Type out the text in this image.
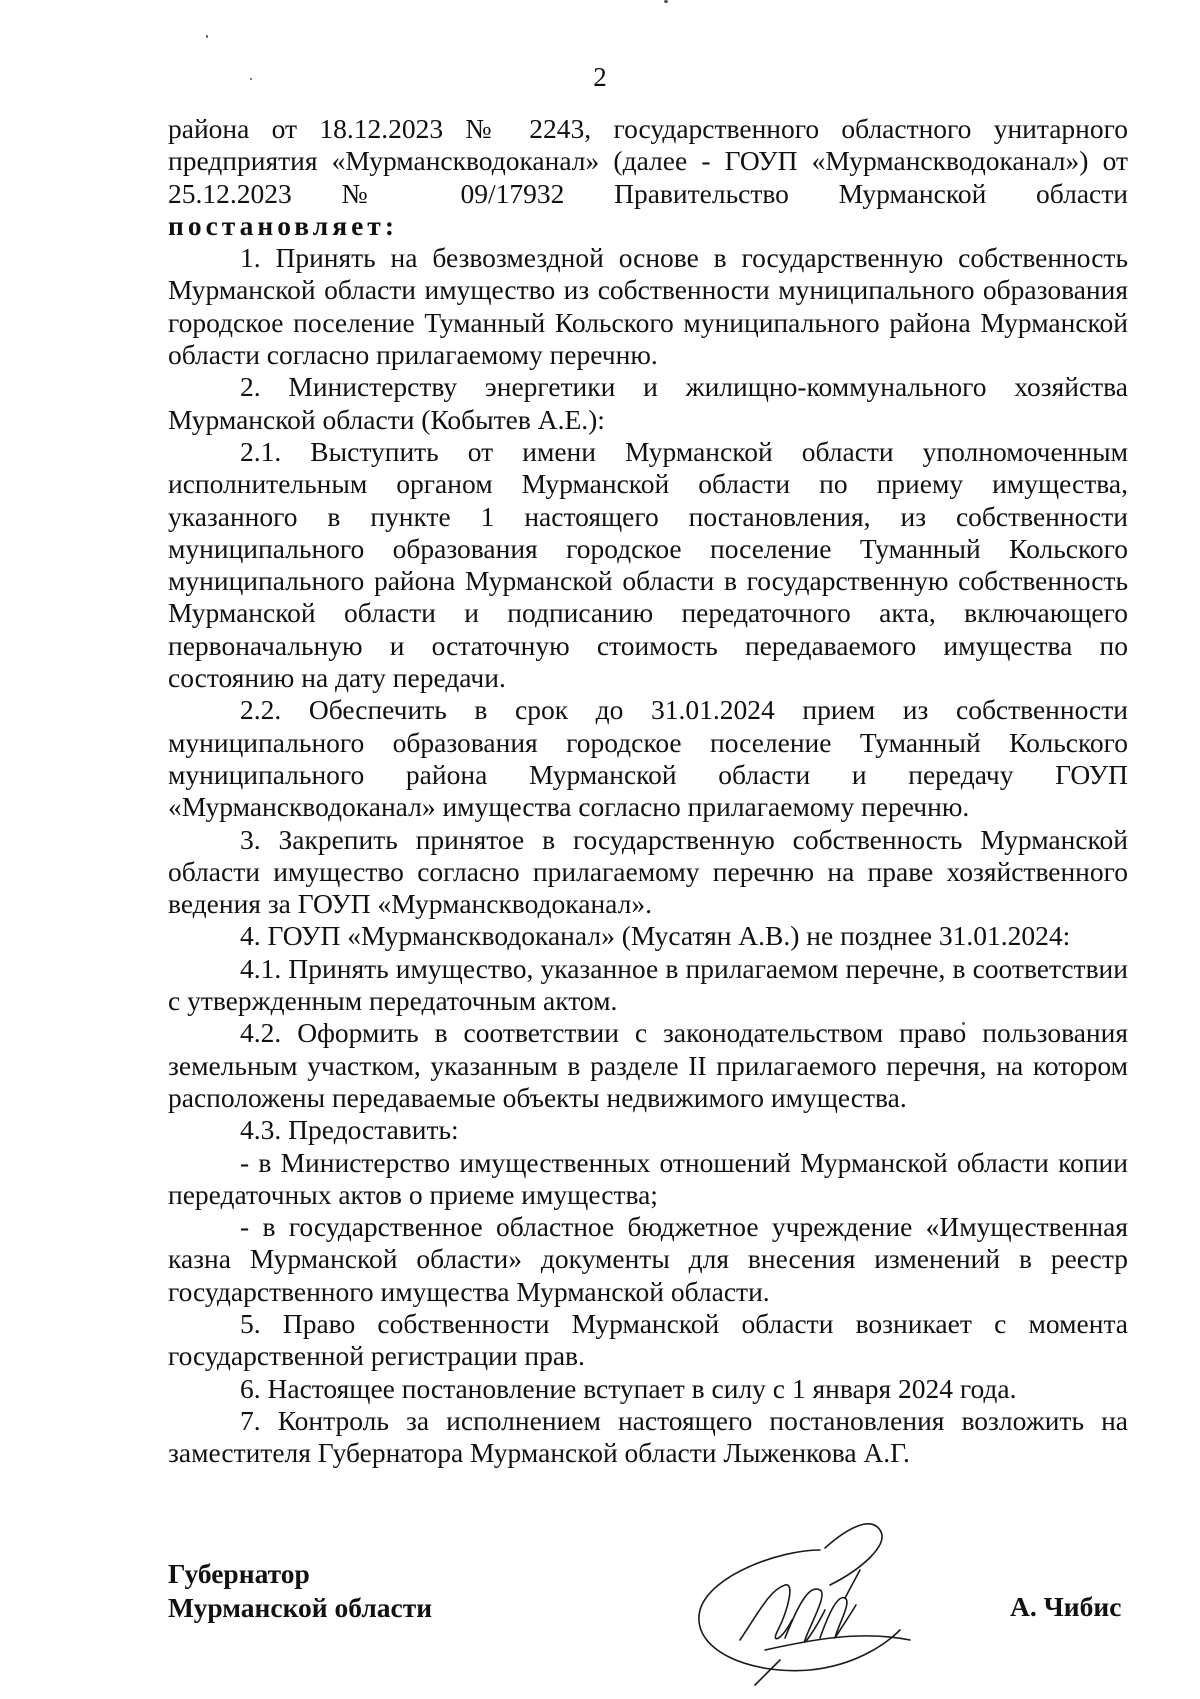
2

района от 18.12.2023 № 2243, государственного областного унитарного предприятия «Мурманскводоканал» (далее - ГОУП «Мурманскводоканал») от 25.12.2023 № 09/17932 Правительство Мурманской области

постановляет:

1. Принять на безвозмездной основе в государственную собственность Мурманской области имущество из собственности муниципального образования городское поселение Туманный Кольского муниципального района Мурманской области согласно прилагаемому перечню.

2. Министерству энергетики и жилищно-коммунального хозяйства Мурманской области (Кобытев А.Е.):

2.1. Выступить от имени Мурманской области уполномоченным исполнительным органом Мурманской области по приему имущества, указанного в пункте 1 настоящего постановления, из собственности муниципального образования городское поселение Туманный Кольского муниципального района Мурманской области в государственную собственность Мурманской области и подписанию передаточного акта, включающего первоначальную и остаточную стоимость передаваемого имущества по состоянию на дату передачи.

2.2. Обеспечить в срок до 31.01.2024 прием из собственности муниципального образования городское поселение Туманный Кольского муниципального района Мурманской области и передачу ГОУП «Мурманскводоканал» имущества согласно прилагаемому перечню.

3. Закрепить принятое в государственную собственность Мурманской области имущество согласно прилагаемому перечню на праве хозяйственного ведения за ГОУП «Мурманскводоканал».

4. ГОУП «Мурманскводоканал» (Мусатян А.В.) не позднее 31.01.2024:

4.1. Принять имущество, указанное в прилагаемом перечне, в соответствии с утвержденным передаточным актом.

4.2. Оформить в соответствии с законодательством право пользования земельным участком, указанным в разделе II прилагаемого перечня, на котором расположены передаваемые объекты недвижимого имущества.

4.3. Предоставить:

- в Министерство имущественных отношений Мурманской области копии передаточных актов о приеме имущества;

- в государственное областное бюджетное учреждение «Имущественная казна Мурманской области» документы для внесения изменений в реестр государственного имущества Мурманской области.

5. Право собственности Мурманской области возникает с момента государственной регистрации прав.

6. Настоящее постановление вступает в силу с 1 января 2024 года.

7. Контроль за исполнением настоящего постановления возложить на заместителя Губернатора Мурманской области Лыженкова А.Г.

Губернатор
Мурманской области	А. Чибис
